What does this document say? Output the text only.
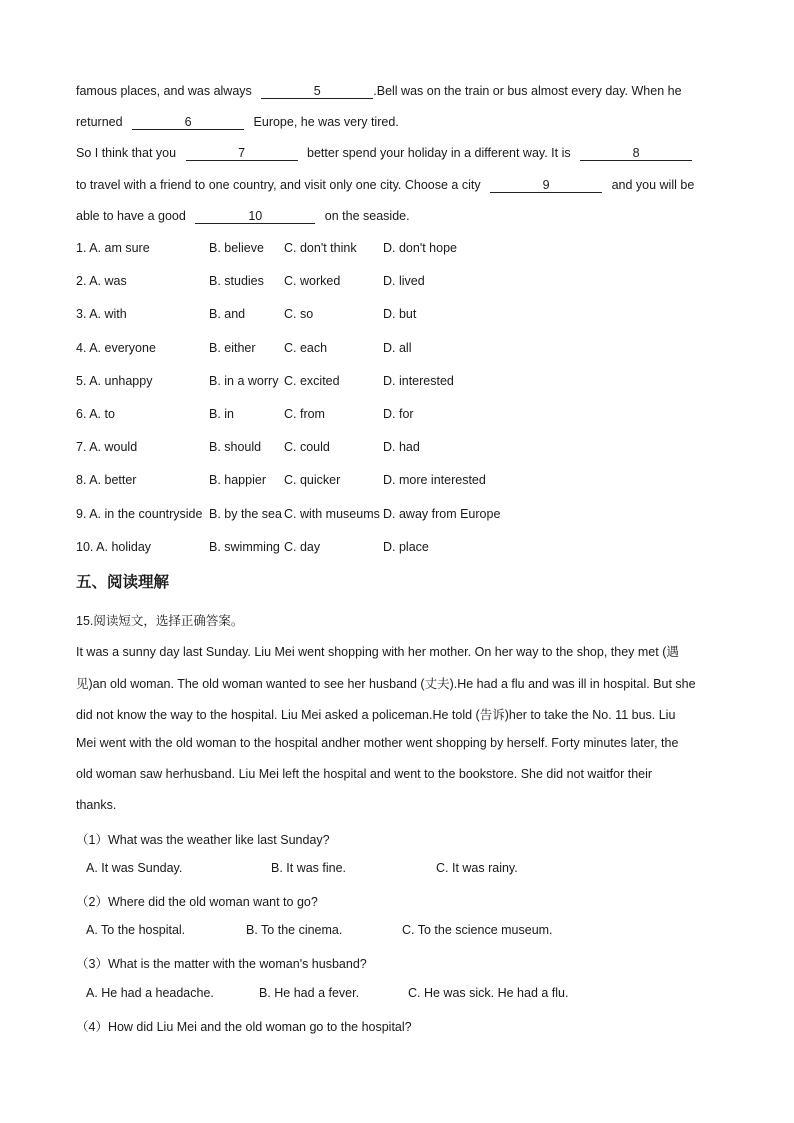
famous places, and was always	5	.Bell was on the train or bus almost every day. When he
returned	6	Europe, he was very tired.
So I think that you	7	better spend your holiday in a different way. It is	8
to travel with a friend to one country, and visit only one city. Choose a city	9	and you will be
able to have a good	10	on the seaside.
1. A. am sure	B. believe C. don't think D. don't hope
2. A. was	B. studies C. worked	D. lived
3. A. with	B. and	C. so	D. but
4. A. everyone	B. either C. each	D. all
5. A. unhappy	B. in a worry C. excited	D. interested
6. A. to	B. in	C. from	D. for
7. A. would	B. should C. could	D. had
8. A. better	B. happier C. quicker	D. more interested
9. A. in the countryside B. by the sea C. with museums D. away from Europe
10. A. holiday	B. swimming C. day	D. place
五、阅读理解
15.阅读短文，选择正确答案。
It was a sunny day last Sunday. Liu Mei went shopping with her mother. On her way to the shop, they met (遇
见)an old woman. The old woman wanted to see her husband (丈夫).He had a flu and was ill in hospital. But she
did not know the way to the hospital. Liu Mei asked a policeman.He told (告诉)her to take the No. 11 bus. Liu
Mei went with the old woman to the hospital andher mother went shopping by herself. Forty minutes later, the
old woman saw herhusband. Liu Mei left the hospital and went to the bookstore. She did not waitfor their
thanks.
（1）What was the weather like last Sunday?
A. It was Sunday.	B. It was fine.	C. It was rainy.
（2）Where did the old woman want to go?
A. To the hospital.	B. To the cinema.	C. To the science museum.
（3）What is the matter with the woman's husband?
A. He had a headache.	B. He had a fever.	C. He was sick. He had a flu.
（4）How did Liu Mei and the old woman go to the hospital?
